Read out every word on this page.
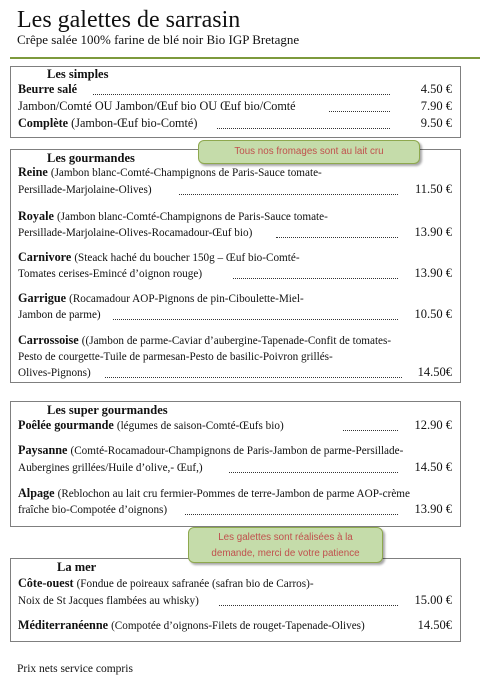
Les galettes de sarrasin
Crêpe salée 100% farine de blé noir Bio IGP Bretagne
Les simples
Beurre salé	4.50 €
Jambon/Comté OU Jambon/Œuf bio OU Œuf bio/Comté	7.90 €
Complète (Jambon-Œuf bio-Comté)	9.50 €
Les gourmandes
Reine (Jambon blanc-Comté-Champignons de Paris-Sauce tomate-
Persillade-Marjolaine-Olives)	11.50 €
Royale (Jambon blanc-Comté-Champignons de Paris-Sauce tomate-
Persillade-Marjolaine-Olives-Rocamadour-Œuf bio)	13.90 €
Carnivore (Steack haché du boucher 150g – Œuf bio-Comté-
Tomates cerises-Emincé d’oignon rouge)	13.90 €
Garrigue (Rocamadour AOP-Pignons de pin-Ciboulette-Miel-
Jambon de parme)	10.50 €
Carrossoise ((Jambon de parme-Caviar d’aubergine-Tapenade-Confit de tomates-
Pesto de courgette-Tuile de parmesan-Pesto de basilic-Poivron grillés-
Olives-Pignons)	14.50€
Les super gourmandes
Poêlée gourmande (légumes de saison-Comté-Œufs bio)	12.90 €
Paysanne (Comté-Rocamadour-Champignons de Paris-Jambon de parme-Persillade-
Aubergines grillées/Huile d’olive,- Œuf,)	14.50 €
Alpage (Reblochon au lait cru fermier-Pommes de terre-Jambon de parme AOP-crème
fraîche bio-Compotée d’oignons)	13.90 €
La mer
Côte-ouest (Fondue de poireaux safranée (safran bio de Carros)-
Noix de St Jacques flambées au whisky)	15.00 €
Méditerranéenne (Compotée d’oignons-Filets de rouget-Tapenade-Olives)	14.50€
Tous nos fromages sont au lait cru
Les galettes sont réalisées à la
demande, merci de votre patience
Prix nets service compris
